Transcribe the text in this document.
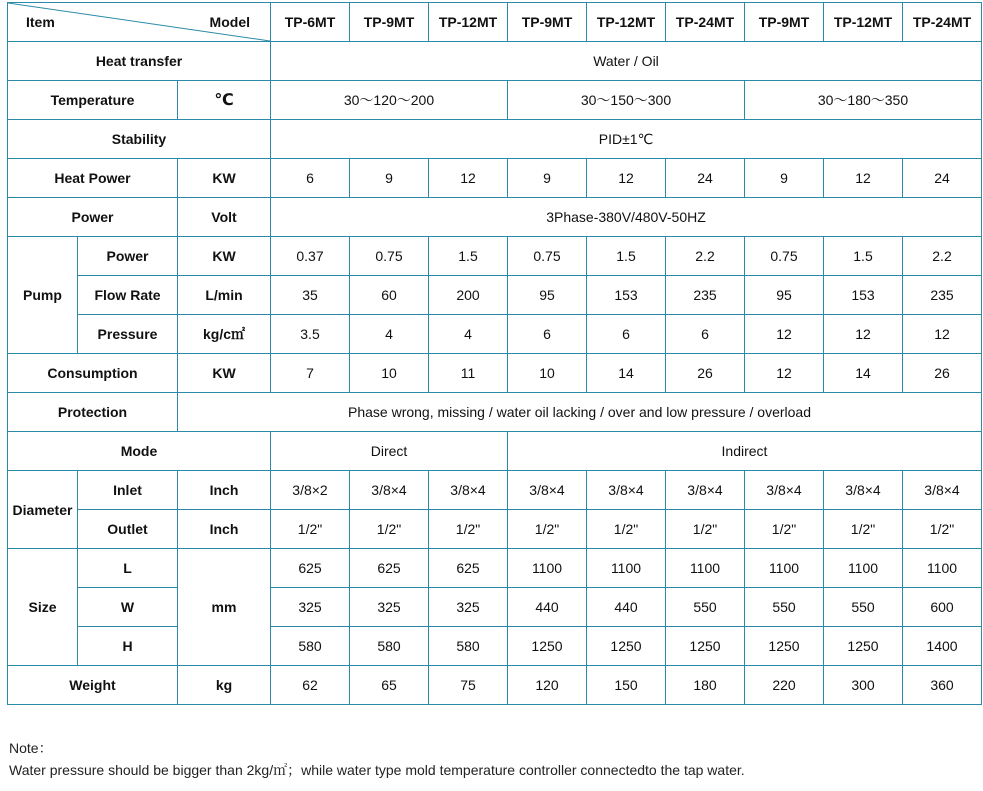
Item Model			TP-6MT	TP-9MT	TP-12MT	TP-9MT	TP-12MT	TP-24MT	TP-9MT	TP-12MT	TP-24MT
Heat transfer			Water / Oil								
Temperature		℃	30～120～200			30～150～300			30～180～350		
Stability			PID±1℃								
Heat Power		KW	6	9	12	9	12	24	9	12	24
Power		Volt	3Phase-380V/480V-50HZ								
Pump	Power	KW	0.37	0.75	1.5	0.75	1.5	2.2	0.75	1.5	2.2
	Flow Rate	L/min	35	60	200	95	153	235	95	153	235
	Pressure	kg/c㎡	3.5	4	4	6	6	6	12	12	12
Consumption		KW	7	10	11	10	14	26	12	14	26
Protection		Phase wrong, missing / water oil lacking / over and low pressure / overload									
Mode			Direct			Indirect					
Diameter	Inlet	Inch	3/8×2	3/8×4	3/8×4	3/8×4	3/8×4	3/8×4	3/8×4	3/8×4	3/8×4
	Outlet	Inch	1/2"	1/2"	1/2"	1/2"	1/2"	1/2"	1/2"	1/2"	1/2"
Size	L	mm	625	625	625	1100	1100	1100	1100	1100	1100
	W		325	325	325	440	440	550	550	550	600
	H		580	580	580	1250	1250	1250	1250	1250	1400
Weight		kg	62	65	75	120	150	180	220	300	360
Note：
Water pressure should be bigger than 2kg/㎡；while water type mold temperature controller connectedto the tap water.
